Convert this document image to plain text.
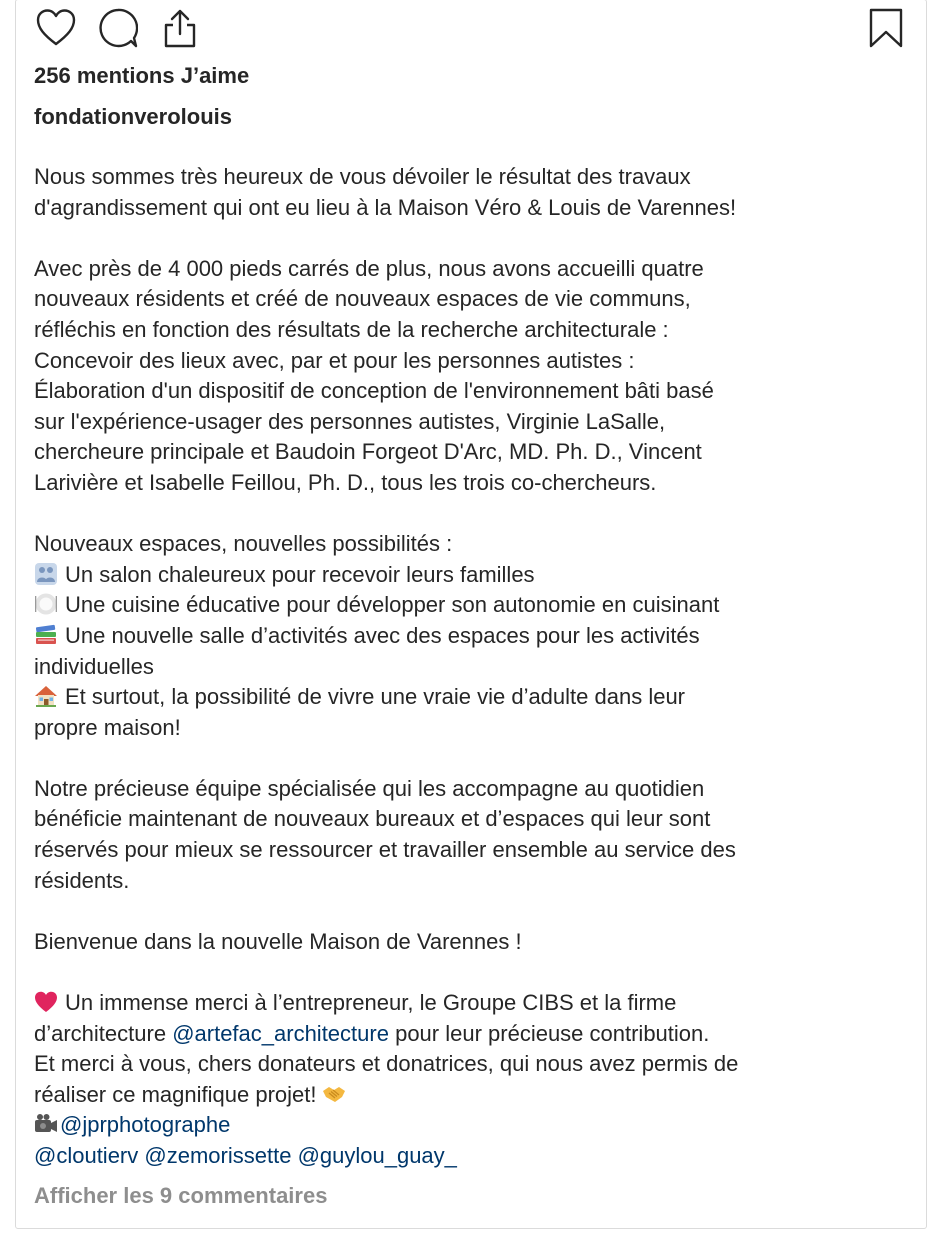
256 mentions J’aime
fondationverolouis

Nous sommes très heureux de vous dévoiler le résultat des travaux
d'agrandissement qui ont eu lieu à la Maison Véro & Louis de Varennes!

Avec près de 4 000 pieds carrés de plus, nous avons accueilli quatre
nouveaux résidents et créé de nouveaux espaces de vie communs,
réfléchis en fonction des résultats de la recherche architecturale :
Concevoir des lieux avec, par et pour les personnes autistes :
Élaboration d'un dispositif de conception de l'environnement bâti basé
sur l'expérience-usager des personnes autistes, Virginie LaSalle,
chercheure principale et Baudoin Forgeot D'Arc, MD. Ph. D., Vincent
Larivière et Isabelle Feillou, Ph. D., tous les trois co-chercheurs.

Nouveaux espaces, nouvelles possibilités :
Un salon chaleureux pour recevoir leurs familles
Une cuisine éducative pour développer son autonomie en cuisinant
Une nouvelle salle d’activités avec des espaces pour les activités
individuelles
Et surtout, la possibilité de vivre une vraie vie d’adulte dans leur
propre maison!

Notre précieuse équipe spécialisée qui les accompagne au quotidien
bénéficie maintenant de nouveaux bureaux et d’espaces qui leur sont
réservés pour mieux se ressourcer et travailler ensemble au service des
résidents.

Bienvenue dans la nouvelle Maison de Varennes !

Un immense merci à l’entrepreneur, le Groupe CIBS et la firme
d’architecture @artefac_architecture pour leur précieuse contribution.
Et merci à vous, chers donateurs et donatrices, qui nous avez permis de
réaliser ce magnifique projet!
@jprphotographe
@cloutierv @zemorissette @guylou_guay_

Afficher les 9 commentaires
